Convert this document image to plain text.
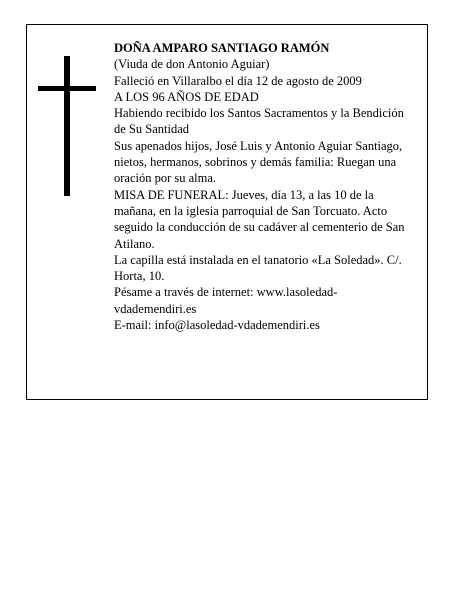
DOÑA AMPARO SANTIAGO RAMÓN

(Viuda de don Antonio Aguiar)

Falleció en Villaralbo el día 12 de agosto de 2009

A LOS 96 AÑOS DE EDAD

Habiendo recibido los Santos Sacramentos y la Bendición de Su Santidad

Sus apenados hijos, José Luis y Antonio Aguiar Santiago, nietos, hermanos, sobrinos y demás familia: Ruegan una oración por su alma.

MISA DE FUNERAL: Jueves, día 13, a las 10 de la mañana, en la iglesia parroquial de San Torcuato. Acto seguido la conducción de su cadáver al cementerio de San Atilano.

La capilla está instalada en el tanatorio «La Soledad». C/. Horta, 10.

Pésame a través de internet: www.lasoledad-vdademendiri.es

E-mail: info@lasoledad-vdademendiri.es
